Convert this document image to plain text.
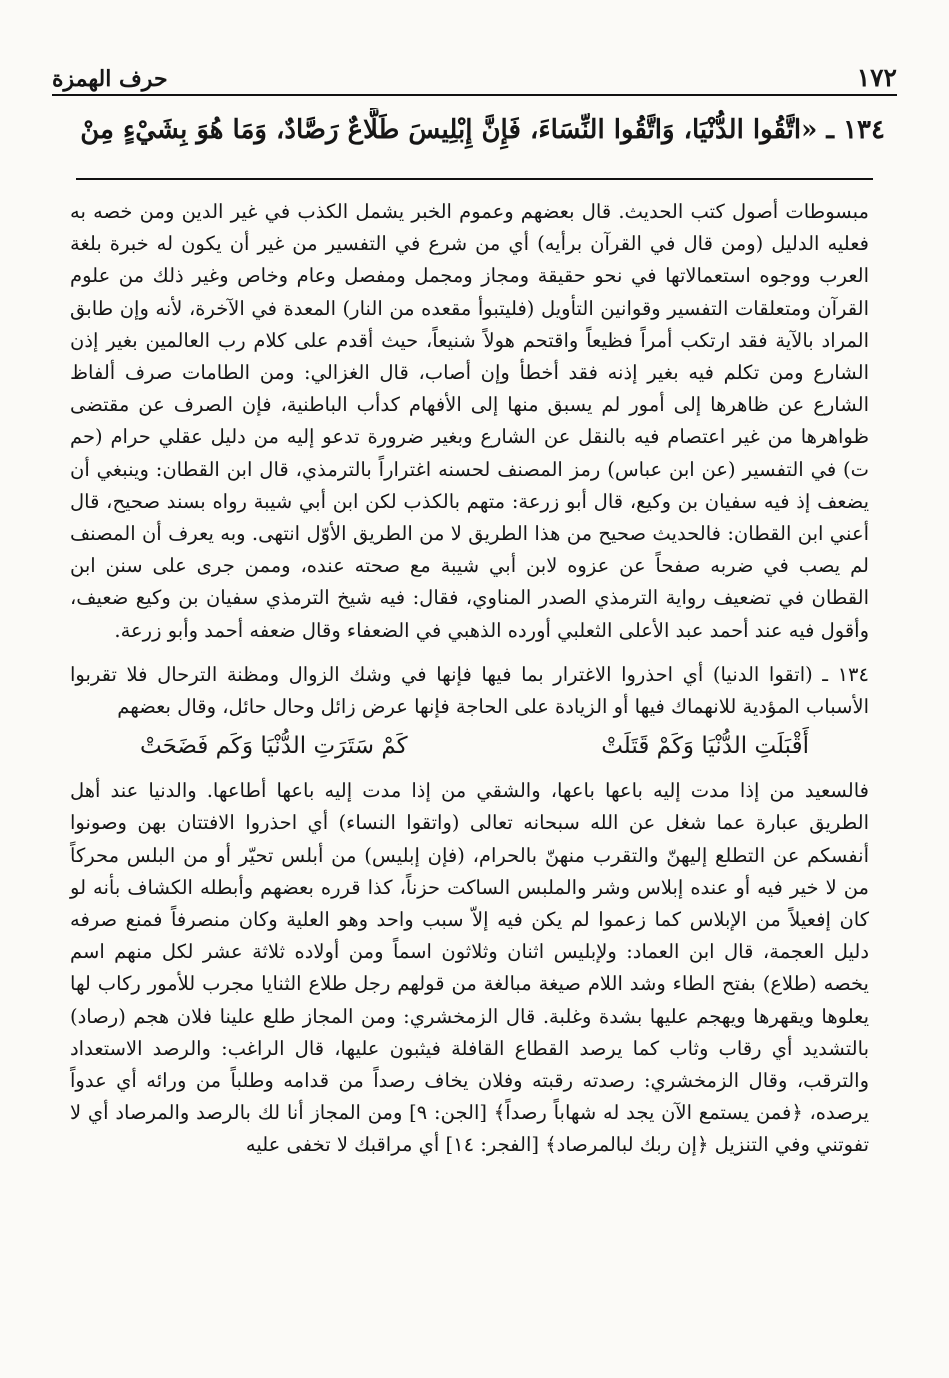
١٧٢
حرف الهمزة
١٣٤ ـ «اتَّقُوا الدُّنْيَا، وَاتَّقُوا النِّسَاءَ، فَإِنَّ إِبْلِيسَ طَلَّاعٌ رَصَّادٌ، وَمَا هُوَ بِشَيْءٍ مِنْ

مبسوطات أصول كتب الحديث. قال بعضهم وعموم الخبر يشمل الكذب في غير الدين ومن خصه به فعليه الدليل (ومن قال في القرآن برأيه) أي من شرع في التفسير من غير أن يكون له خبرة بلغة العرب ووجوه استعمالاتها في نحو حقيقة ومجاز ومجمل ومفصل وعام وخاص وغير ذلك من علوم القرآن ومتعلقات التفسير وقوانين التأويل (فليتبوأ مقعده من النار) المعدة في الآخرة، لأنه وإن طابق المراد بالآية فقد ارتكب أمراً فظيعاً واقتحم هولاً شنيعاً، حيث أقدم على كلام رب العالمين بغير إذن الشارع ومن تكلم فيه بغير إذنه فقد أخطأ وإن أصاب، قال الغزالي: ومن الطامات صرف ألفاظ الشارع عن ظاهرها إلى أمور لم يسبق منها إلى الأفهام كدأب الباطنية، فإن الصرف عن مقتضى ظواهرها من غير اعتصام فيه بالنقل عن الشارع وبغير ضرورة تدعو إليه من دليل عقلي حرام (حم ت) في التفسير (عن ابن عباس) رمز المصنف لحسنه اغتراراً بالترمذي، قال ابن القطان: وينبغي أن يضعف إذ فيه سفيان بن وكيع، قال أبو زرعة: متهم بالكذب لكن ابن أبي شيبة رواه بسند صحيح، قال أعني ابن القطان: فالحديث صحيح من هذا الطريق لا من الطريق الأوّل انتهى. وبه يعرف أن المصنف لم يصب في ضربه صفحاً عن عزوه لابن أبي شيبة مع صحته عنده، وممن جرى على سنن ابن القطان في تضعيف رواية الترمذي الصدر المناوي، فقال: فيه شيخ الترمذي سفيان بن وكيع ضعيف، وأقول فيه عند أحمد عبد الأعلى الثعلبي أورده الذهبي في الضعفاء وقال ضعفه أحمد وأبو زرعة.

١٣٤ ـ (اتقوا الدنيا) أي احذروا الاغترار بما فيها فإنها في وشك الزوال ومظنة الترحال فلا تقربوا الأسباب المؤدية للانهماك فيها أو الزيادة على الحاجة فإنها عرض زائل وحال حائل، وقال بعضهم

أَقْبَلَتِ الدُّنْيَا وَكَمْ قَتَلَتْ
كَمْ سَتَرَتِ الدُّنْيَا وَكَم فَضَحَتْ

فالسعيد من إذا مدت إليه باعها باعها، والشقي من إذا مدت إليه باعها أطاعها. والدنيا عند أهل الطريق عبارة عما شغل عن الله سبحانه تعالى (واتقوا النساء) أي احذروا الافتتان بهن وصونوا أنفسكم عن التطلع إليهنّ والتقرب منهنّ بالحرام، (فإن إبليس) من أبلس تحيّر أو من البلس محركاً من لا خير فيه أو عنده إبلاس وشر والملبس الساكت حزناً، كذا قرره بعضهم وأبطله الكشاف بأنه لو كان إفعيلاً من الإبلاس كما زعموا لم يكن فيه إلاّ سبب واحد وهو العلية وكان منصرفاً فمنع صرفه دليل العجمة، قال ابن العماد: ولإبليس اثنان وثلاثون اسماً ومن أولاده ثلاثة عشر لكل منهم اسم يخصه (طلاع) بفتح الطاء وشد اللام صيغة مبالغة من قولهم رجل طلاع الثنايا مجرب للأمور ركاب لها يعلوها ويقهرها ويهجم عليها بشدة وغلبة. قال الزمخشري: ومن المجاز طلع علينا فلان هجم (رصاد) بالتشديد أي رقاب وثاب كما يرصد القطاع القافلة فيثبون عليها، قال الراغب: والرصد الاستعداد والترقب، وقال الزمخشري: رصدته رقبته وفلان يخاف رصداً من قدامه وطلباً من ورائه أي عدواً يرصده، ﴿فمن يستمع الآن يجد له شهاباً رصداً﴾ [الجن: ٩] ومن المجاز أنا لك بالرصد والمرصاد أي لا تفوتني وفي التنزيل ﴿إن ربك لبالمرصاد﴾ [الفجر: ١٤] أي مراقبك لا تخفى عليه
